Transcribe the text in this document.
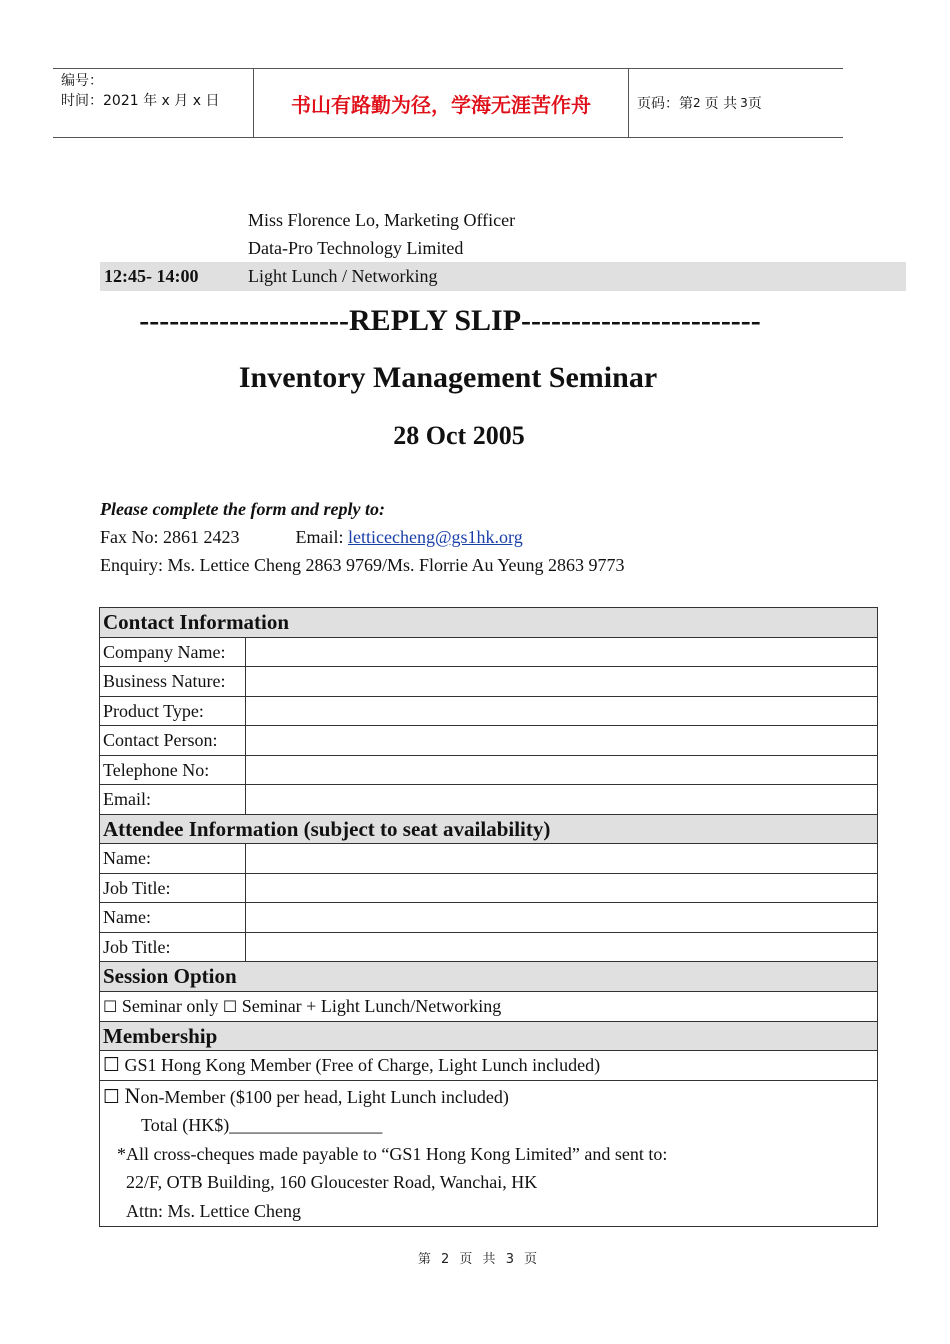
编号：
时间：2021 年 x 月 x 日	书山有路勤为径，学海无涯苦作舟	页码：第 2 页 共 3 页
Miss Florence Lo, Marketing Officer
Data-Pro Technology Limited
12:45- 14:00	Light Lunch / Networking
---------------------REPLY SLIP------------------------
Inventory Management Seminar
28 Oct 2005
Please complete the form and reply to:
Fax No: 2861 2423	Email: letticecheng@gs1hk.org
Enquiry: Ms. Lettice Cheng 2863 9769/Ms. Florrie Au Yeung 2863 9773
Contact Information	
Company Name:	
Business Nature:	
Product Type:	
Contact Person:	
Telephone No:	
Email:	
Attendee Information (subject to seat availability)	
Name:	
Job Title:	
Name:	
Job Title:	
Session Option	
☐ Seminar only ☐ Seminar + Light Lunch/Networking	
Membership	
☐ GS1 Hong Kong Member (Free of Charge, Light Lunch included)	

☐ Non-Member ($100 per head, Light Lunch included)
Total (HK$)_________________
*All cross-cheques made payable to “GS1 Hong Kong Limited” and sent to:
22/F, OTB Building, 160 Gloucester Road, Wanchai, HK
Attn: Ms. Lettice Cheng	
第 2 页 共 3 页
